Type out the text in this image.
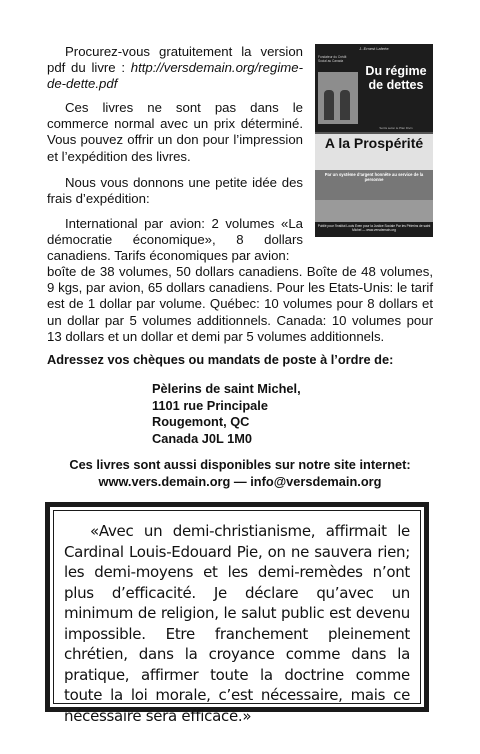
Procurez-vous gratuitement la version pdf du livre : http://versdemain.org/regime-de-dette.pdf
Ces livres ne sont pas dans le commerce normal avec un prix déterminé. Vous pouvez offrir un don pour l’impression et l’expédition des livres.
Nous vous donnons une petite idée des frais d’expédition:
International par avion: 2 volumes «La démocratie économique», 8 dollars canadiens. Tarifs économiques par avion:
boîte de 38 volumes, 50 dollars canadiens. Boîte de 48 volumes, 9 kgs, par avion, 65 dollars canadiens. Pour les Etats-Unis: le tarif est de 1 dollar par volume. Québec: 10 volumes pour 8 dollars et un dollar par 5 volumes additionnels. Canada: 10 volumes pour 13 dollars et un dollar et demi par 5 volumes additionnels.
J.-Ernest Laferte
Fondateur du Crédit Social au Canada
Du régime de dettes
Sortis selon le Plan Divin
A la Prospérité
Par un système d’argent honnête au service de la personne
Publié pour l’Institut Louis Even pour la Justice Sociale Par les Pèlerins de saint Michel — www.versdemain.org
Adressez vos chèques ou mandats de poste à l’ordre de:
Pèlerins de saint Michel,
1101 rue Principale
Rougemont, QC
Canada J0L 1M0
Ces livres sont aussi disponibles sur notre site internet:
www.vers.demain.org — info@versdemain.org
«Avec un demi-christianisme, affirmait le Cardinal Louis-Edouard Pie, on ne sauvera rien; les demi-moyens et les demi-remèdes n’ont plus d’efficacité. Je déclare qu’avec un minimum de religion, le salut public est devenu impossible. Etre franchement pleinement chrétien, dans la croyance comme dans la pratique, affirmer toute la doctrine comme toute la loi morale, c’est nécessaire, mais ce nécessaire sera efficace.»
